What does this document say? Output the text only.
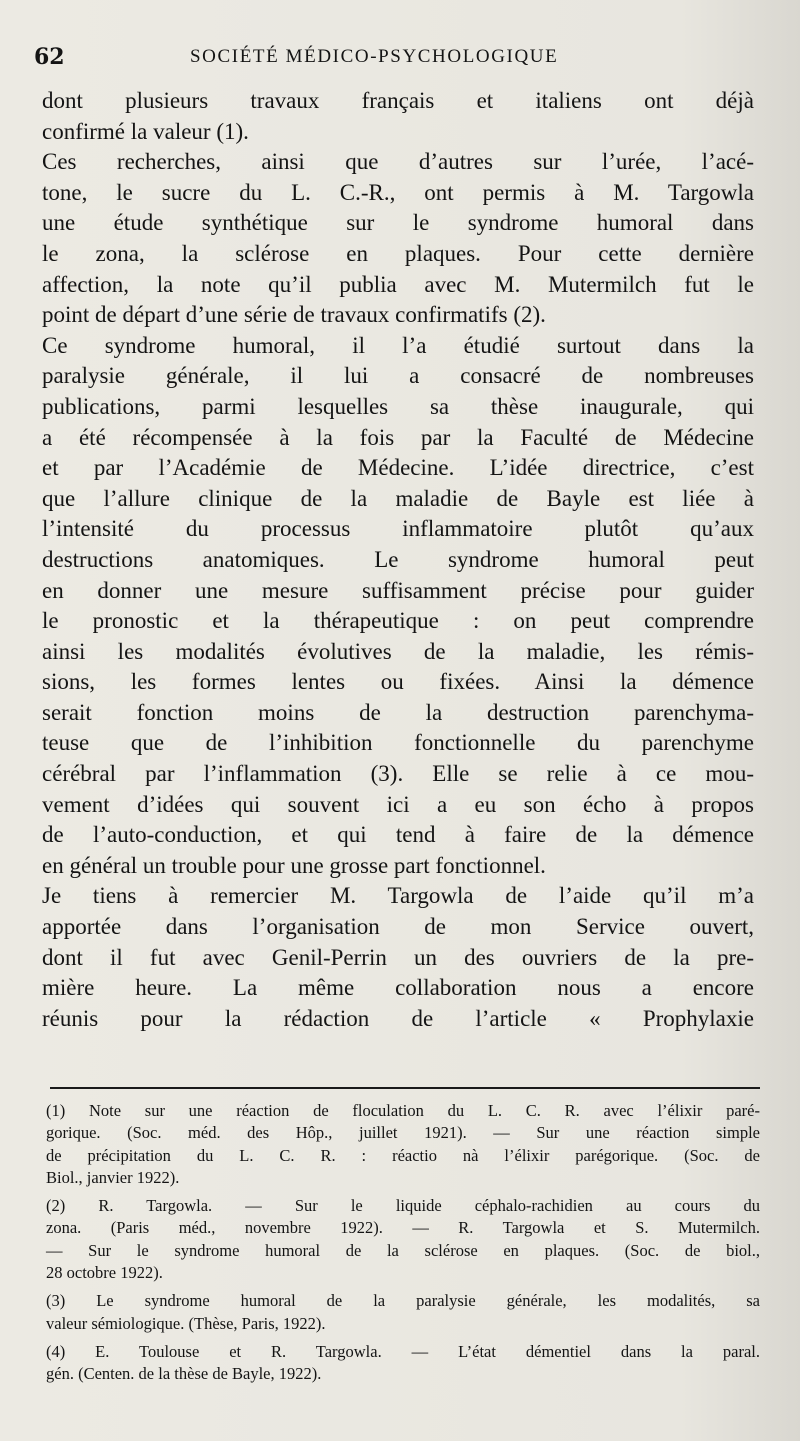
62	SOCIÉTÉ MÉDICO-PSYCHOLOGIQUE
dont plusieurs travaux français et italiens ont déjà
confirmé la valeur (1).
Ces recherches, ainsi que d’autres sur l’urée, l’acé-
tone, le sucre du L. C.-R., ont permis à M. Targowla
une étude synthétique sur le syndrome humoral dans
le zona, la sclérose en plaques. Pour cette dernière
affection, la note qu’il publia avec M. Mutermilch fut le
point de départ d’une série de travaux confirmatifs (2).
Ce syndrome humoral, il l’a étudié surtout dans la
paralysie générale, il lui a consacré de nombreuses
publications, parmi lesquelles sa thèse inaugurale, qui
a été récompensée à la fois par la Faculté de Médecine
et par l’Académie de Médecine. L’idée directrice, c’est
que l’allure clinique de la maladie de Bayle est liée à
l’intensité du processus inflammatoire plutôt qu’aux
destructions anatomiques. Le syndrome humoral peut
en donner une mesure suffisamment précise pour guider
le pronostic et la thérapeutique : on peut comprendre
ainsi les modalités évolutives de la maladie, les rémis-
sions, les formes lentes ou fixées. Ainsi la démence
serait fonction moins de la destruction parenchyma-
teuse que de l’inhibition fonctionnelle du parenchyme
cérébral par l’inflammation (3). Elle se relie à ce mou-
vement d’idées qui souvent ici a eu son écho à propos
de l’auto-conduction, et qui tend à faire de la démence
en général un trouble pour une grosse part fonctionnel.
Je tiens à remercier M. Targowla de l’aide qu’il m’a
apportée dans l’organisation de mon Service ouvert,
dont il fut avec Genil-Perrin un des ouvriers de la pre-
mière heure. La même collaboration nous a encore
réunis pour la rédaction de l’article « Prophylaxie
(1) Note sur une réaction de floculation du L. C. R. avec l’élixir paré-
gorique. (Soc. méd. des Hôp., juillet 1921). — Sur une réaction simple
de précipitation du L. C. R. : réactio nà l’élixir parégorique. (Soc. de
Biol., janvier 1922).
(2) R. Targowla. — Sur le liquide céphalo-rachidien au cours du
zona. (Paris méd., novembre 1922). — R. Targowla et S. Mutermilch.
— Sur le syndrome humoral de la sclérose en plaques. (Soc. de biol.,
28 octobre 1922).
(3) Le syndrome humoral de la paralysie générale, les modalités, sa
valeur sémiologique. (Thèse, Paris, 1922).
(4) E. Toulouse et R. Targowla. — L’état démentiel dans la paral.
gén. (Centen. de la thèse de Bayle, 1922).
